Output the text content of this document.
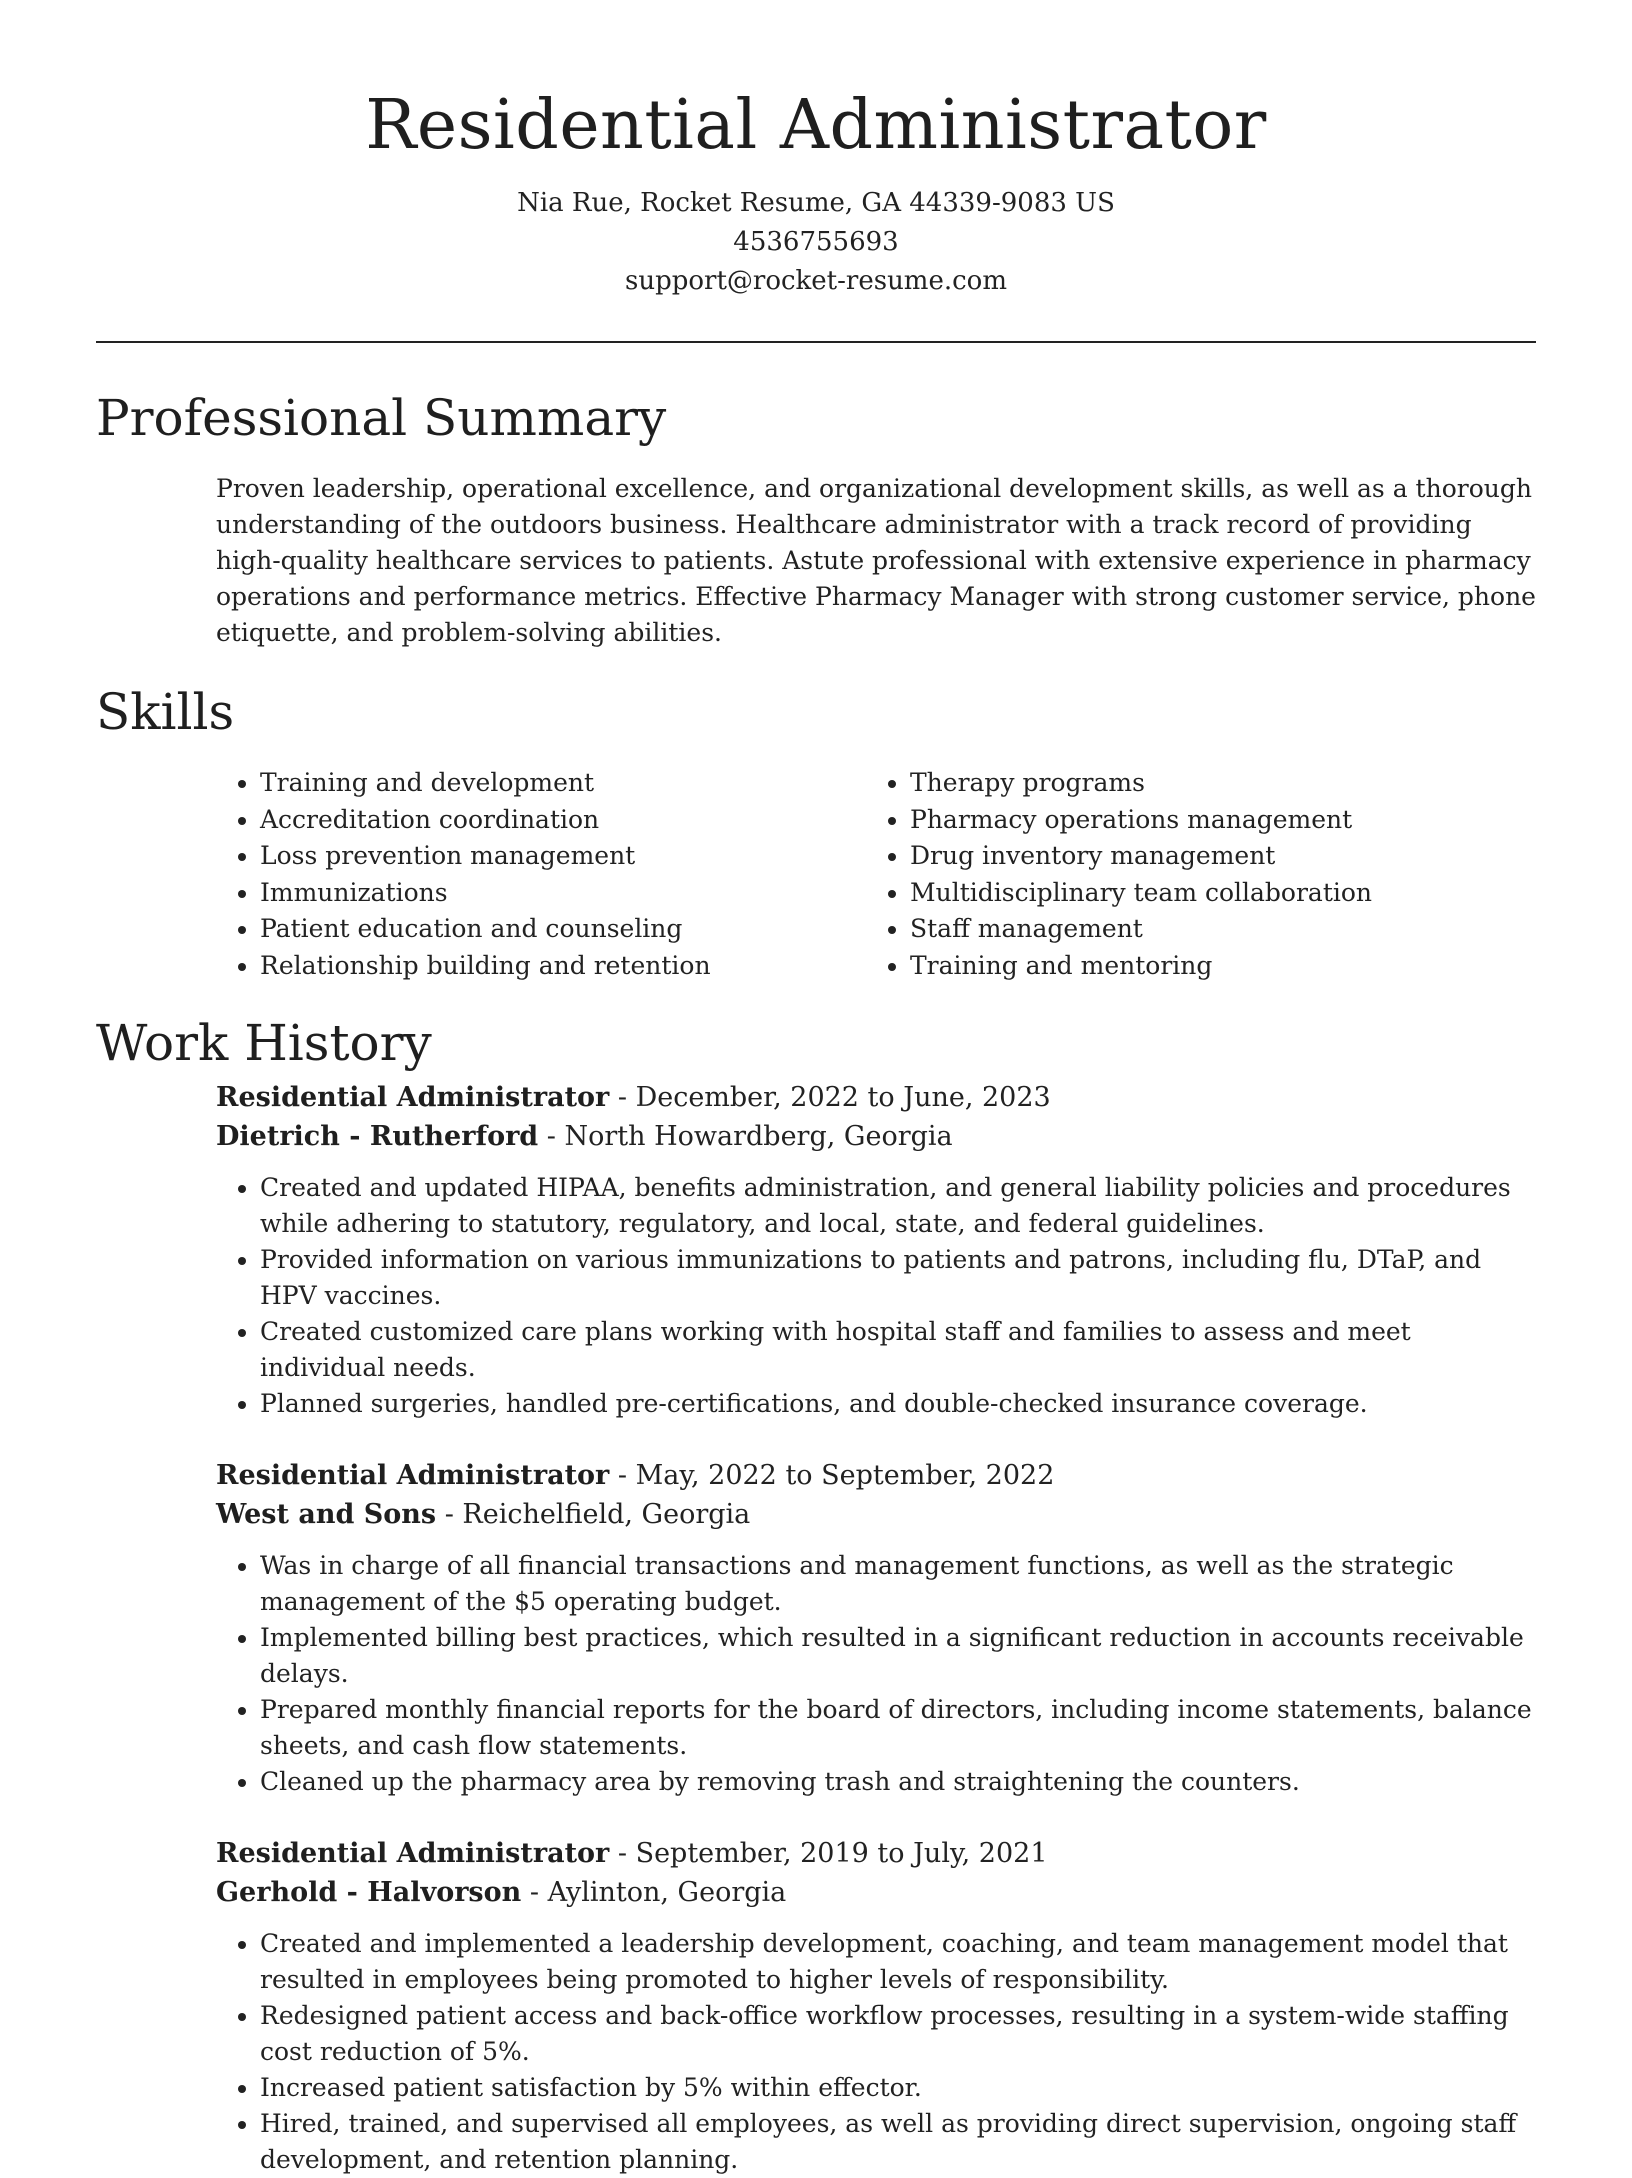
Residential Administrator
Nia Rue, Rocket Resume, GA 44339-9083 US
4536755693
support@rocket-resume.com
Professional Summary
Proven leadership, operational excellence, and organizational development skills, as well as a thorough understanding of the outdoors business. Healthcare administrator with a track record of providing high-quality healthcare services to patients. Astute professional with extensive experience in pharmacy operations and performance metrics. Effective Pharmacy Manager with strong customer service, phone etiquette, and problem-solving abilities.
Skills
• Training and development
• Accreditation coordination
• Loss prevention management
• Immunizations
• Patient education and counseling
• Relationship building and retention
• Therapy programs
• Pharmacy operations management
• Drug inventory management
• Multidisciplinary team collaboration
• Staff management
• Training and mentoring
Work History
Residential Administrator - December, 2022 to June, 2023
Dietrich - Rutherford - North Howardberg, Georgia
• Created and updated HIPAA, benefits administration, and general liability policies and procedures while adhering to statutory, regulatory, and local, state, and federal guidelines.
• Provided information on various immunizations to patients and patrons, including flu, DTaP, and HPV vaccines.
• Created customized care plans working with hospital staff and families to assess and meet individual needs.
• Planned surgeries, handled pre-certifications, and double-checked insurance coverage.
Residential Administrator - May, 2022 to September, 2022
West and Sons - Reichelfield, Georgia
• Was in charge of all financial transactions and management functions, as well as the strategic management of the $5 operating budget.
• Implemented billing best practices, which resulted in a significant reduction in accounts receivable delays.
• Prepared monthly financial reports for the board of directors, including income statements, balance sheets, and cash flow statements.
• Cleaned up the pharmacy area by removing trash and straightening the counters.
Residential Administrator - September, 2019 to July, 2021
Gerhold - Halvorson - Aylinton, Georgia
• Created and implemented a leadership development, coaching, and team management model that resulted in employees being promoted to higher levels of responsibility.
• Redesigned patient access and back-office workflow processes, resulting in a system-wide staffing cost reduction of 5%.
• Increased patient satisfaction by 5% within effector.
• Hired, trained, and supervised all employees, as well as providing direct supervision, ongoing staff development, and retention planning.
